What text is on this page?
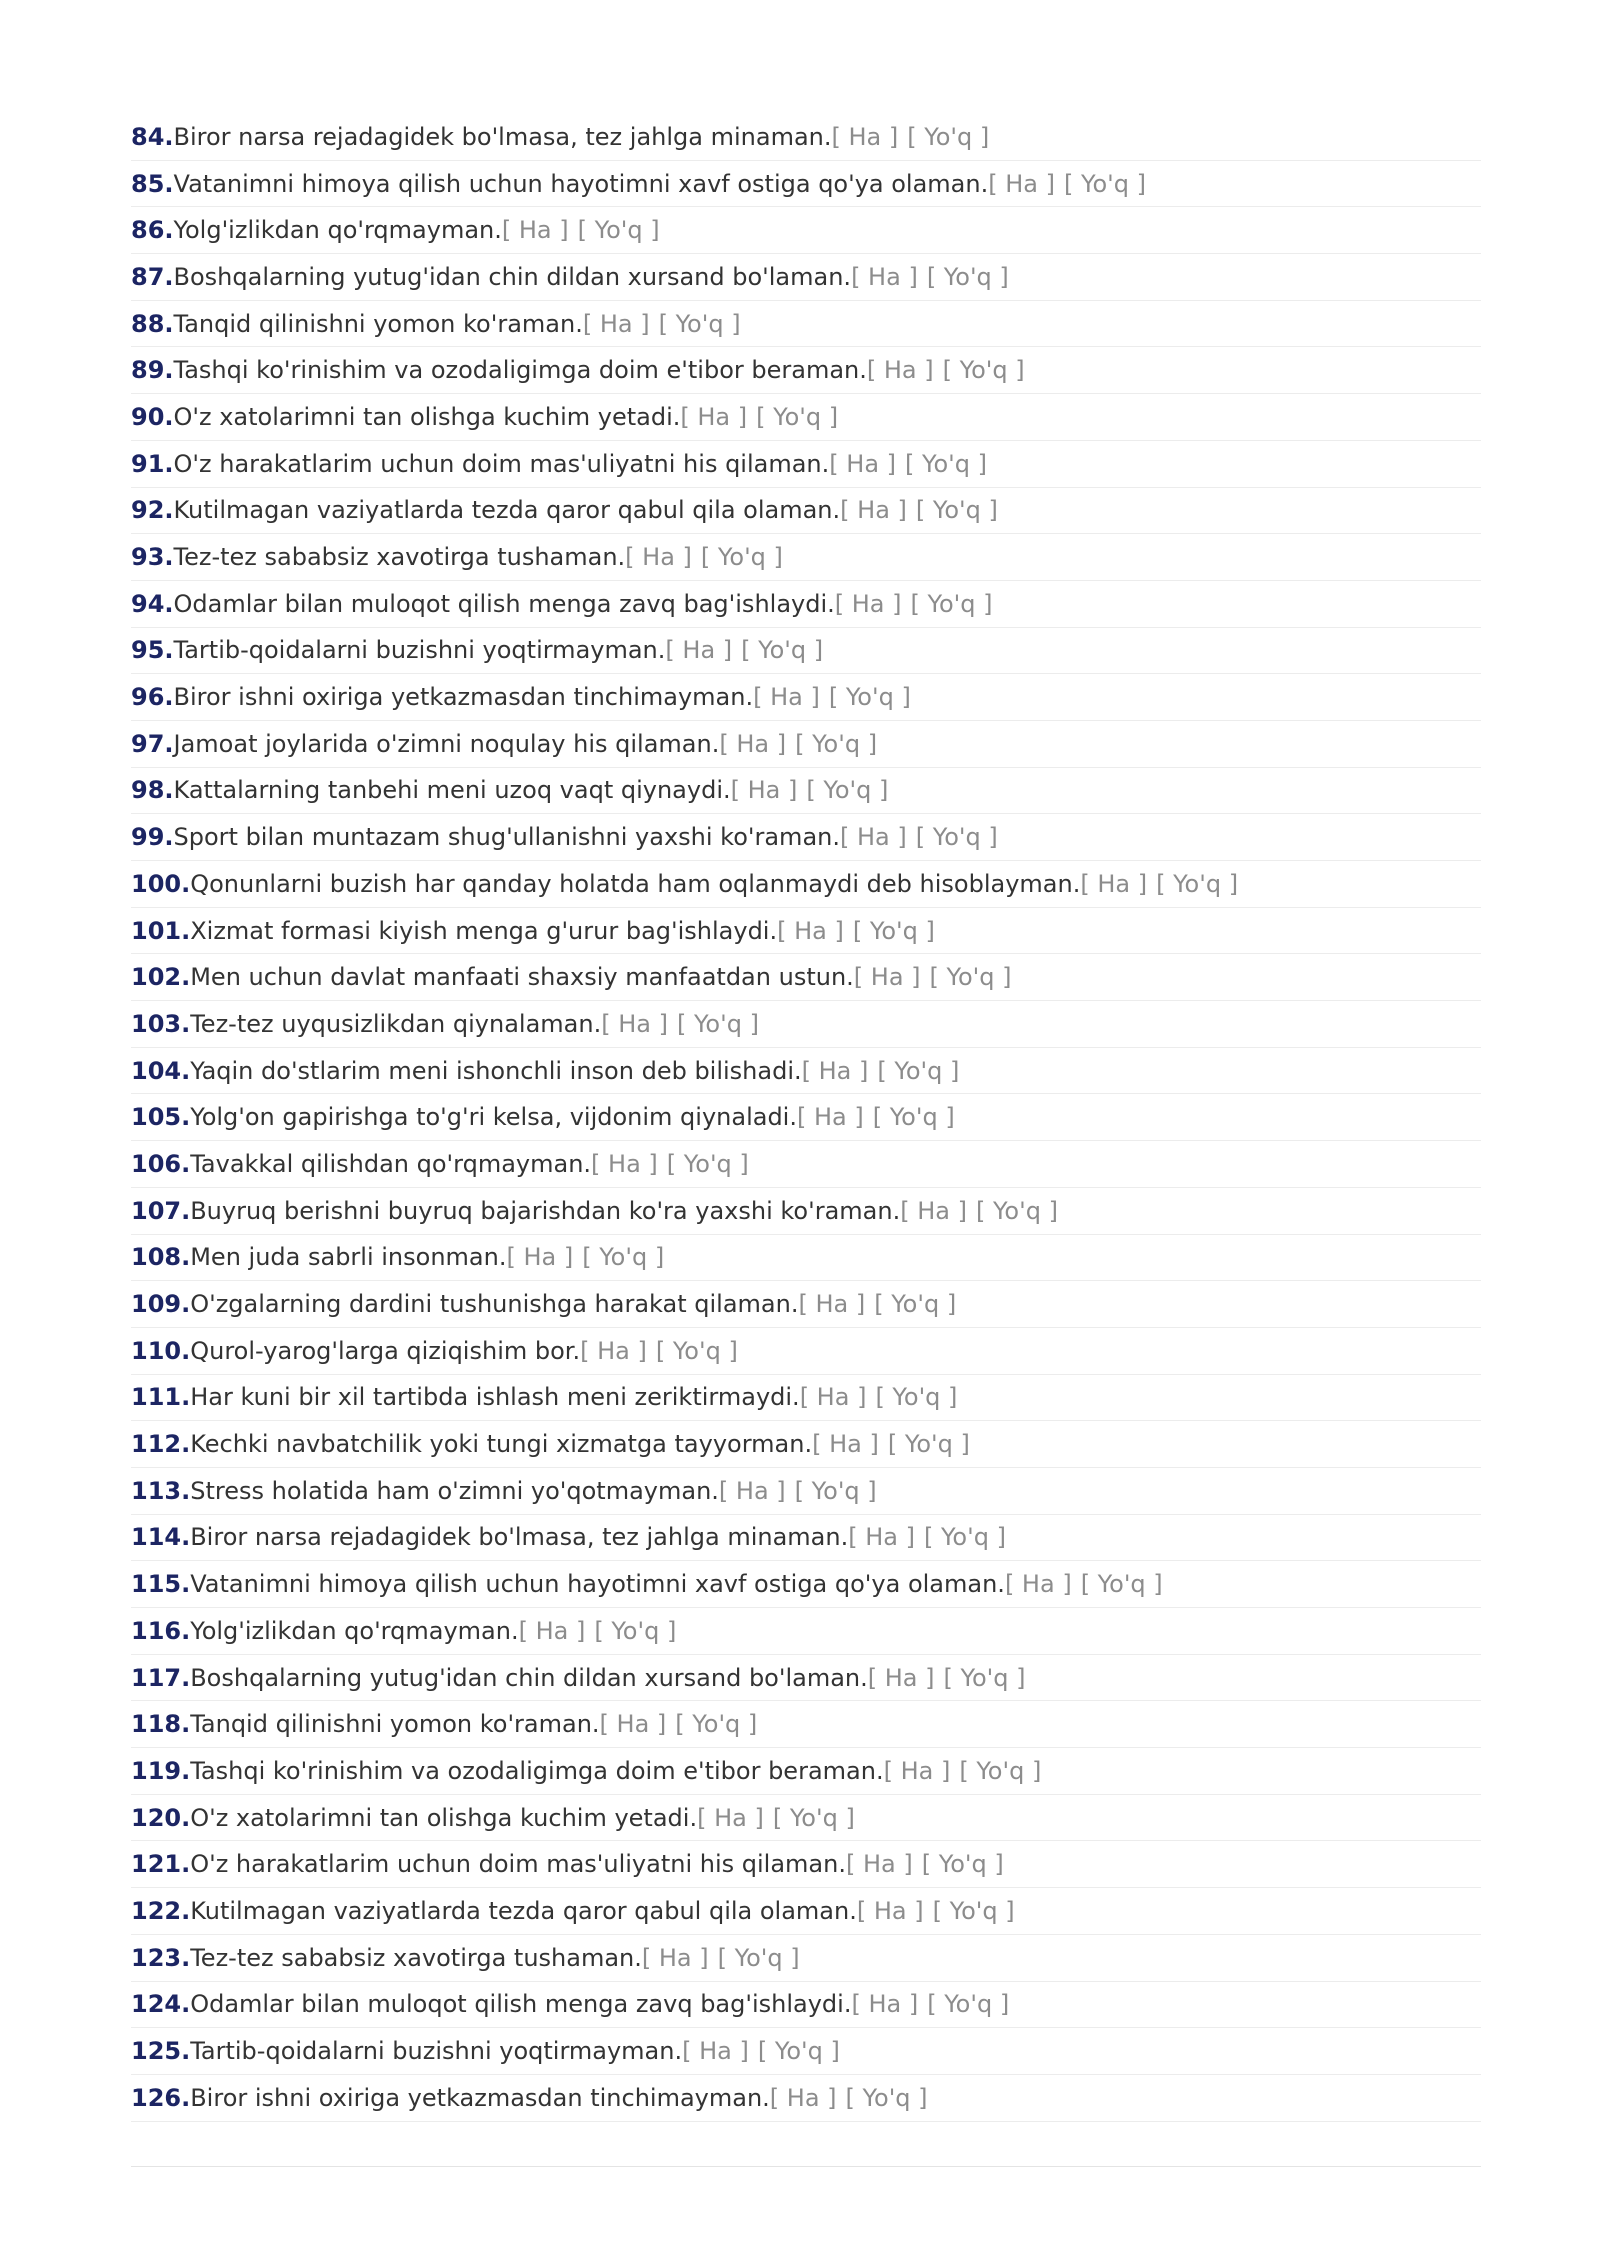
84. Biror narsa rejadagidek bo'lmasa, tez jahlga minaman. [ Ha ] [ Yo'q ]
85. Vatanimni himoya qilish uchun hayotimni xavf ostiga qo'ya olaman. [ Ha ] [ Yo'q ]
86. Yolg'izlikdan qo'rqmayman. [ Ha ] [ Yo'q ]
87. Boshqalarning yutug'idan chin dildan xursand bo'laman. [ Ha ] [ Yo'q ]
88. Tanqid qilinishni yomon ko'raman. [ Ha ] [ Yo'q ]
89. Tashqi ko'rinishim va ozodaligimga doim e'tibor beraman. [ Ha ] [ Yo'q ]
90. O'z xatolarimni tan olishga kuchim yetadi. [ Ha ] [ Yo'q ]
91. O'z harakatlarim uchun doim mas'uliyatni his qilaman. [ Ha ] [ Yo'q ]
92. Kutilmagan vaziyatlarda tezda qaror qabul qila olaman. [ Ha ] [ Yo'q ]
93. Tez-tez sababsiz xavotirga tushaman. [ Ha ] [ Yo'q ]
94. Odamlar bilan muloqot qilish menga zavq bag'ishlaydi. [ Ha ] [ Yo'q ]
95. Tartib-qoidalarni buzishni yoqtirmayman. [ Ha ] [ Yo'q ]
96. Biror ishni oxiriga yetkazmasdan tinchimayman. [ Ha ] [ Yo'q ]
97. Jamoat joylarida o'zimni noqulay his qilaman. [ Ha ] [ Yo'q ]
98. Kattalarning tanbehi meni uzoq vaqt qiynaydi. [ Ha ] [ Yo'q ]
99. Sport bilan muntazam shug'ullanishni yaxshi ko'raman. [ Ha ] [ Yo'q ]
100. Qonunlarni buzish har qanday holatda ham oqlanmaydi deb hisoblayman. [ Ha ] [ Yo'q ]
101. Xizmat formasi kiyish menga g'urur bag'ishlaydi. [ Ha ] [ Yo'q ]
102. Men uchun davlat manfaati shaxsiy manfaatdan ustun. [ Ha ] [ Yo'q ]
103. Tez-tez uyqusizlikdan qiynalaman. [ Ha ] [ Yo'q ]
104. Yaqin do'stlarim meni ishonchli inson deb bilishadi. [ Ha ] [ Yo'q ]
105. Yolg'on gapirishga to'g'ri kelsa, vijdonim qiynaladi. [ Ha ] [ Yo'q ]
106. Tavakkal qilishdan qo'rqmayman. [ Ha ] [ Yo'q ]
107. Buyruq berishni buyruq bajarishdan ko'ra yaxshi ko'raman. [ Ha ] [ Yo'q ]
108. Men juda sabrli insonman. [ Ha ] [ Yo'q ]
109. O'zgalarning dardini tushunishga harakat qilaman. [ Ha ] [ Yo'q ]
110. Qurol-yarog'larga qiziqishim bor. [ Ha ] [ Yo'q ]
111. Har kuni bir xil tartibda ishlash meni zeriktirmaydi. [ Ha ] [ Yo'q ]
112. Kechki navbatchilik yoki tungi xizmatga tayyorman. [ Ha ] [ Yo'q ]
113. Stress holatida ham o'zimni yo'qotmayman. [ Ha ] [ Yo'q ]
114. Biror narsa rejadagidek bo'lmasa, tez jahlga minaman. [ Ha ] [ Yo'q ]
115. Vatanimni himoya qilish uchun hayotimni xavf ostiga qo'ya olaman. [ Ha ] [ Yo'q ]
116. Yolg'izlikdan qo'rqmayman. [ Ha ] [ Yo'q ]
117. Boshqalarning yutug'idan chin dildan xursand bo'laman. [ Ha ] [ Yo'q ]
118. Tanqid qilinishni yomon ko'raman. [ Ha ] [ Yo'q ]
119. Tashqi ko'rinishim va ozodaligimga doim e'tibor beraman. [ Ha ] [ Yo'q ]
120. O'z xatolarimni tan olishga kuchim yetadi. [ Ha ] [ Yo'q ]
121. O'z harakatlarim uchun doim mas'uliyatni his qilaman. [ Ha ] [ Yo'q ]
122. Kutilmagan vaziyatlarda tezda qaror qabul qila olaman. [ Ha ] [ Yo'q ]
123. Tez-tez sababsiz xavotirga tushaman. [ Ha ] [ Yo'q ]
124. Odamlar bilan muloqot qilish menga zavq bag'ishlaydi. [ Ha ] [ Yo'q ]
125. Tartib-qoidalarni buzishni yoqtirmayman. [ Ha ] [ Yo'q ]
126. Biror ishni oxiriga yetkazmasdan tinchimayman. [ Ha ] [ Yo'q ]
